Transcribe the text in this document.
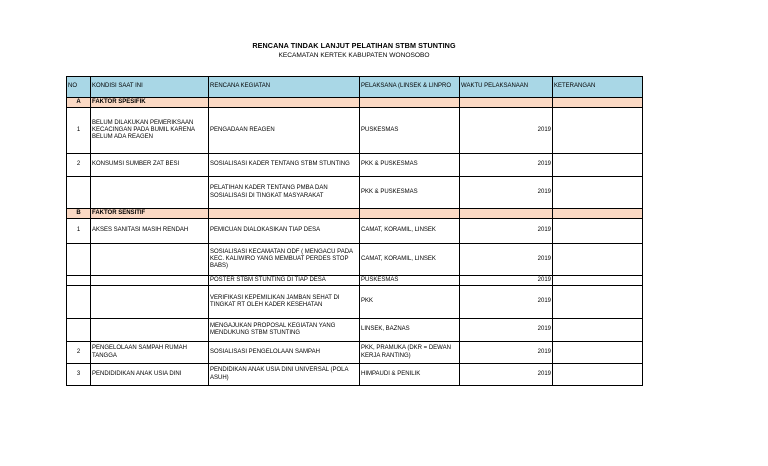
RENCANA TINDAK LANJUT PELATIHAN STBM STUNTING
KECAMATAN KERTEK KABUPATEN WONOSOBO
NO	KONDISI SAAT INI	RENCANA KEGIATAN	PELAKSANA (LINSEK & LINPRO	WAKTU PELAKSANAAN	KETERANGAN
A	FAKTOR SPESIFIK				
1	BELUM DILAKUKAN PEMERIKSAAN KECACINGAN PADA BUMIL KARENA BELUM ADA REAGEN	PENGADAAN REAGEN	PUSKESMAS	2019	
2	KONSUMSI SUMBER ZAT BESI	SOSIALISASI KADER TENTANG STBM STUNTING	PKK & PUSKESMAS	2019	
		PELATIHAN KADER TENTANG PMBA DAN SOSIALISASI DI TINGKAT MASYARAKAT	PKK & PUSKESMAS	2019	
B	FAKTOR SENSITIF				
1	AKSES SANITASI MASIH RENDAH	PEMICUAN DIALOKASIKAN TIAP DESA	CAMAT, KORAMIL, LINSEK	2019	
		SOSIALISASI KECAMATAN ODF ( MENGACU PADA KEC. KALIWIRO YANG MEMBUAT PERDES STOP BABS)	CAMAT, KORAMIL, LINSEK	2019	
		POSTER STBM STUNTING DI TIAP DESA	PUSKESMAS	2019	
		VERIFIKASI KEPEMILIKAN JAMBAN SEHAT DI TINGKAT RT OLEH KADER KESEHATAN	PKK	2019	
		MENGAJUKAN PROPOSAL KEGIATAN YANG MENDUKUNG STBM STUNTING	LINSEK, BAZNAS	2019	
2	PENGELOLAAN SAMPAH RUMAH TANGGA	SOSIALISASI PENGELOLAAN SAMPAH	PKK, PRAMUKA (DKR = DEWAN KERJA RANTING)	2019	
3	PENDIDIDIKAN ANAK USIA DINI	PENDIDIKAN ANAK USIA DINI UNIVERSAL (POLA ASUH)	HIMPAUDI & PENILIK	2019	
